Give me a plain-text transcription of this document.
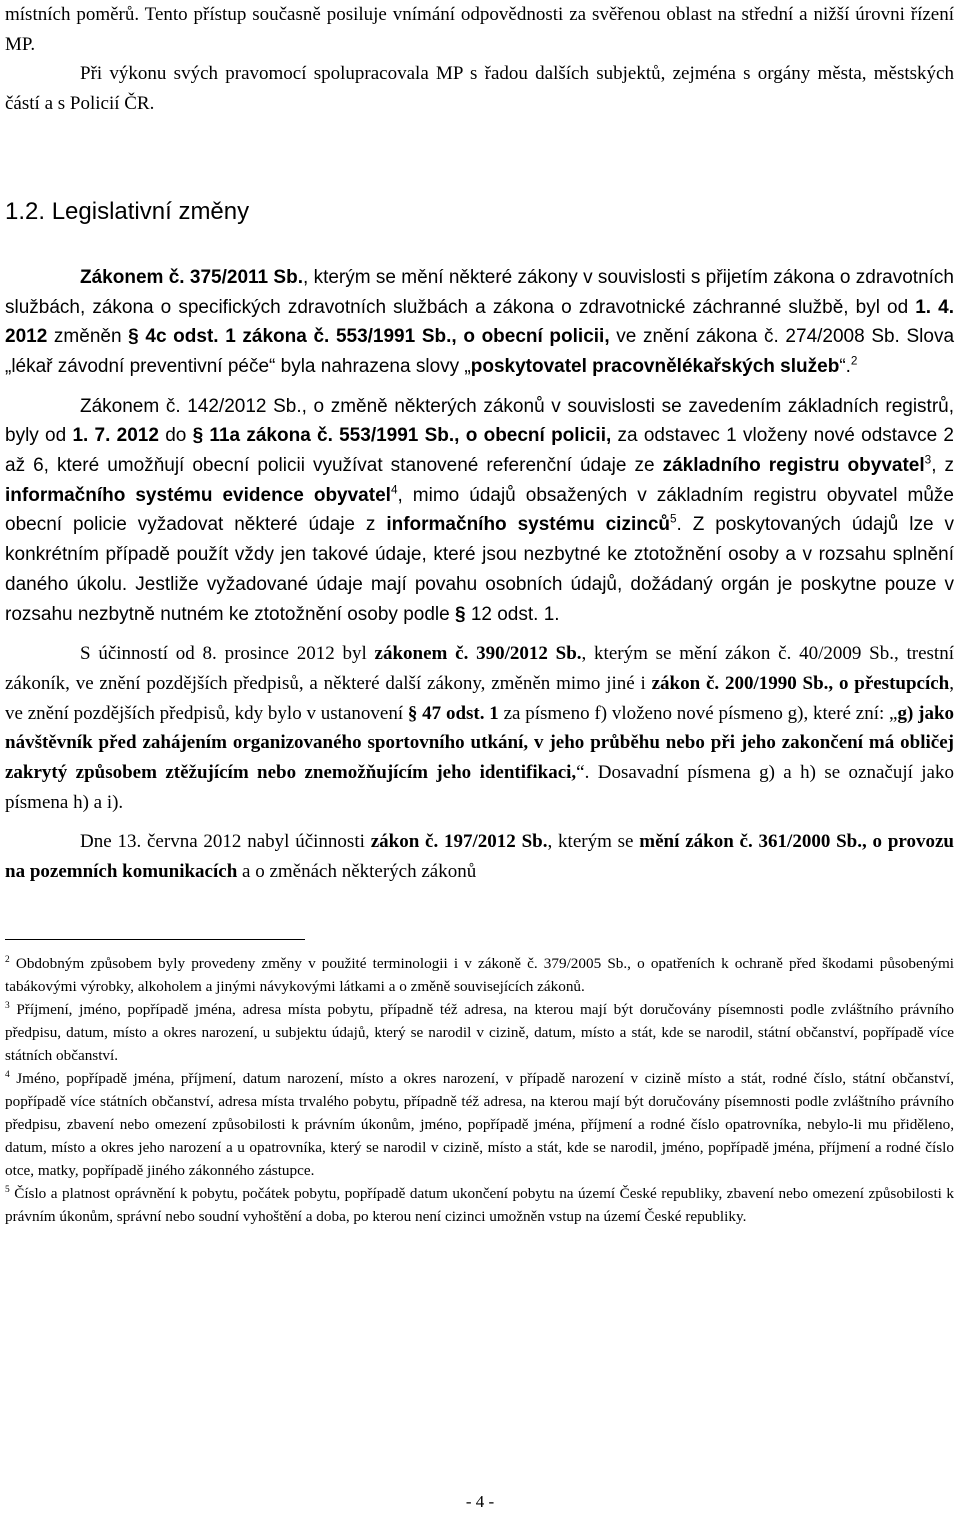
místních poměrů. Tento přístup současně posiluje vnímání odpovědnosti za svěřenou oblast na střední a nižší úrovni řízení MP.

Při výkonu svých pravomocí spolupracovala MP s řadou dalších subjektů, zejména s orgány města, městských částí a s Policií ČR.

1.2. Legislativní změny

Zákonem č. 375/2011 Sb., kterým se mění některé zákony v souvislosti s přijetím zákona o zdravotních službách, zákona o specifických zdravotních službách a zákona o zdravotnické záchranné službě, byl od 1. 4. 2012 změněn § 4c odst. 1 zákona č. 553/1991 Sb., o obecní policii, ve znění zákona č. 274/2008 Sb. Slova „lékař závodní preventivní péče“ byla nahrazena slovy „poskytovatel pracovnělékařských služeb“.$^2$

Zákonem č. 142/2012 Sb., o změně některých zákonů v souvislosti se zavedením základních registrů, byly od 1. 7. 2012 do § 11a zákona č. 553/1991 Sb., o obecní policii, za odstavec 1 vloženy nové odstavce 2 až 6, které umožňují obecní policii využívat stanovené referenční údaje ze základního registru obyvatel$^3$, z informačního systému evidence obyvatel$^4$, mimo údajů obsažených v základním registru obyvatel může obecní policie vyžadovat některé údaje z informačního systému cizinců$^5$. Z poskytovaných údajů lze v konkrétním případě použít vždy jen takové údaje, které jsou nezbytné ke ztotožnění osoby a v rozsahu splnění daného úkolu. Jestliže vyžadované údaje mají povahu osobních údajů, dožádaný orgán je poskytne pouze v rozsahu nezbytně nutném ke ztotožnění osoby podle § 12 odst. 1.

S účinností od 8. prosince 2012 byl zákonem č. 390/2012 Sb., kterým se mění zákon č. 40/2009 Sb., trestní zákoník, ve znění pozdějších předpisů, a některé další zákony, změněn mimo jiné i zákon č. 200/1990 Sb., o přestupcích, ve znění pozdějších předpisů, kdy bylo v ustanovení § 47 odst. 1 za písmeno f) vloženo nové písmeno g), které zní: „g) jako návštěvník před zahájením organizovaného sportovního utkání, v jeho průběhu nebo při jeho zakončení má obličej zakrytý způsobem ztěžujícím nebo znemožňujícím jeho identifikaci,“. Dosavadní písmena g) a h) se označují jako písmena h) a i).

Dne 13. června 2012 nabyl účinnosti zákon č. 197/2012 Sb., kterým se mění zákon č. 361/2000 Sb., o provozu na pozemních komunikacích a o změnách některých zákonů

$^2$ Obdobným způsobem byly provedeny změny v použité terminologii i v zákoně č. 379/2005 Sb., o opatřeních k ochraně před škodami působenými tabákovými výrobky, alkoholem a jinými návykovými látkami a o změně souvisejících zákonů.

$^3$ Příjmení, jméno, popřípadě jména, adresa místa pobytu, případně též adresa, na kterou mají být doručovány písemnosti podle zvláštního právního předpisu, datum, místo a okres narození, u subjektu údajů, který se narodil v cizině, datum, místo a stát, kde se narodil, státní občanství, popřípadě více státních občanství.

$^4$ Jméno, popřípadě jména, příjmení, datum narození, místo a okres narození, v případě narození v cizině místo a stát, rodné číslo, státní občanství, popřípadě více státních občanství, adresa místa trvalého pobytu, případně též adresa, na kterou mají být doručovány písemnosti podle zvláštního právního předpisu, zbavení nebo omezení způsobilosti k právním úkonům, jméno, popřípadě jména, příjmení a rodné číslo opatrovníka, nebylo-li mu přiděleno, datum, místo a okres jeho narození a u opatrovníka, který se narodil v cizině, místo a stát, kde se narodil, jméno, popřípadě jména, příjmení a rodné číslo otce, matky, popřípadě jiného zákonného zástupce.

$^5$ Číslo a platnost oprávnění k pobytu, počátek pobytu, popřípadě datum ukončení pobytu na území České republiky, zbavení nebo omezení způsobilosti k právním úkonům, správní nebo soudní vyhoštění a doba, po kterou není cizinci umožněn vstup na území České republiky.

- 4 -
